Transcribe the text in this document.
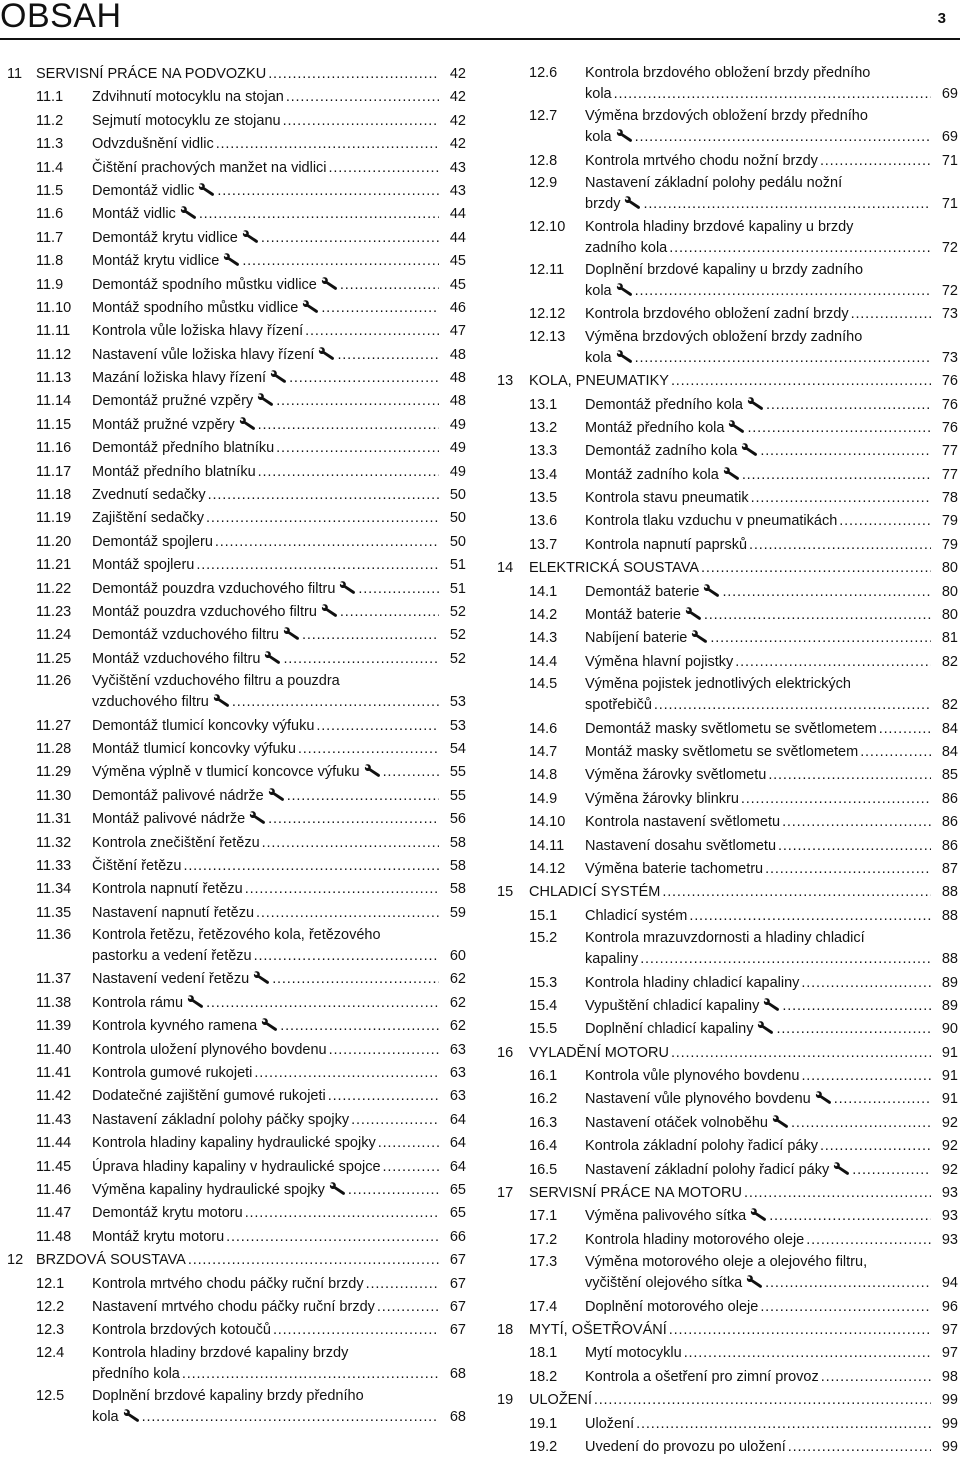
OBSAH	3
11 SERVISNÍ PRÁCE NA PODVOZKU . . .	42
11.1 Zdvihnutí motocyklu na stojan . . .	42
11.2 Sejmutí motocyklu ze stojanu . . .	42
11.3 Odvzdušnění vidlic . . .	42
11.4 Čištění prachových manžet na vidlici . . .	43
11.5 Demontáž vidlic . . .	43
11.6 Montáž vidlic . . .	44
11.7 Demontáž krytu vidlice . . .	44
11.8 Montáž krytu vidlice . . .	45
11.9 Demontáž spodního můstku vidlice . . .	45
11.10 Montáž spodního můstku vidlice . . .	46
11.11 Kontrola vůle ložiska hlavy řízení . . .	47
11.12 Nastavení vůle ložiska hlavy řízení . . .	48
11.13 Mazání ložiska hlavy řízení . . .	48
11.14 Demontáž pružné vzpěry . . .	48
11.15 Montáž pružné vzpěry . . .	49
11.16 Demontáž předního blatníku . . .	49
11.17 Montáž předního blatníku . . .	49
11.18 Zvednutí sedačky . . .	50
11.19 Zajištění sedačky . . .	50
11.20 Demontáž spojleru . . .	50
11.21 Montáž spojleru . . .	51
11.22 Demontáž pouzdra vzduchového filtru . . .	51
11.23 Montáž pouzdra vzduchového filtru . . .	52
11.24 Demontáž vzduchového filtru . . .	52
11.25 Montáž vzduchového filtru . . .	52
11.26 Vyčištění vzduchového filtru a pouzdra
vzduchového filtru . . .	53
11.27 Demontáž tlumicí koncovky výfuku . . .	53
11.28 Montáž tlumicí koncovky výfuku . . .	54
11.29 Výměna výplně v tlumicí koncovce výfuku . . .	55
11.30 Demontáž palivové nádrže . . .	55
11.31 Montáž palivové nádrže . . .	56
11.32 Kontrola znečištění řetězu . . .	58
11.33 Čištění řetězu . . .	58
11.34 Kontrola napnutí řetězu . . .	58
11.35 Nastavení napnutí řetězu . . .	59
11.36 Kontrola řetězu, řetězového kola, řetězového
pastorku a vedení řetězu . . .	60
11.37 Nastavení vedení řetězu . . .	62
11.38 Kontrola rámu . . .	62
11.39 Kontrola kyvného ramena . . .	62
11.40 Kontrola uložení plynového bovdenu . . .	63
11.41 Kontrola gumové rukojeti . . .	63
11.42 Dodatečné zajištění gumové rukojeti . . .	63
11.43 Nastavení základní polohy páčky spojky . . .	64
11.44 Kontrola hladiny kapaliny hydraulické spojky . . .	64
11.45 Úprava hladiny kapaliny v hydraulické spojce . . .	64
11.46 Výměna kapaliny hydraulické spojky . . .	65
11.47 Demontáž krytu motoru . . .	65
11.48 Montáž krytu motoru . . .	66
12 BRZDOVÁ SOUSTAVA . . .	67
12.1 Kontrola mrtvého chodu páčky ruční brzdy . . .	67
12.2 Nastavení mrtvého chodu páčky ruční brzdy . . .	67
12.3 Kontrola brzdových kotoučů . . .	67
12.4 Kontrola hladiny brzdové kapaliny brzdy
předního kola . . .	68
12.5 Doplnění brzdové kapaliny brzdy předního
kola . . .	68
12.6 Kontrola brzdového obložení brzdy předního
kola . . .	69
12.7 Výměna brzdových obložení brzdy předního
kola . . .	69
12.8 Kontrola mrtvého chodu nožní brzdy . . .	71
12.9 Nastavení základní polohy pedálu nožní
brzdy . . .	71
12.10 Kontrola hladiny brzdové kapaliny u brzdy
zadního kola . . .	72
12.11 Doplnění brzdové kapaliny u brzdy zadního
kola . . .	72
12.12 Kontrola brzdového obložení zadní brzdy . . .	73
12.13 Výměna brzdových obložení brzdy zadního
kola . . .	73
13 KOLA, PNEUMATIKY . . .	76
13.1 Demontáž předního kola . . .	76
13.2 Montáž předního kola . . .	76
13.3 Demontáž zadního kola . . .	77
13.4 Montáž zadního kola . . .	77
13.5 Kontrola stavu pneumatik . . .	78
13.6 Kontrola tlaku vzduchu v pneumatikách . . .	79
13.7 Kontrola napnutí paprsků . . .	79
14 ELEKTRICKÁ SOUSTAVA . . .	80
14.1 Demontáž baterie . . .	80
14.2 Montáž baterie . . .	80
14.3 Nabíjení baterie . . .	81
14.4 Výměna hlavní pojistky . . .	82
14.5 Výměna pojistek jednotlivých elektrických
spotřebičů . . .	82
14.6 Demontáž masky světlometu se světlometem . . .	84
14.7 Montáž masky světlometu se světlometem . . .	84
14.8 Výměna žárovky světlometu . . .	85
14.9 Výměna žárovky blinkru . . .	86
14.10 Kontrola nastavení světlometu . . .	86
14.11 Nastavení dosahu světlometu . . .	86
14.12 Výměna baterie tachometru . . .	87
15 CHLADICÍ SYSTÉM . . .	88
15.1 Chladicí systém . . .	88
15.2 Kontrola mrazuvzdornosti a hladiny chladicí
kapaliny . . .	88
15.3 Kontrola hladiny chladicí kapaliny . . .	89
15.4 Vypuštění chladicí kapaliny . . .	89
15.5 Doplnění chladicí kapaliny . . .	90
16 VYLADĚNÍ MOTORU . . .	91
16.1 Kontrola vůle plynového bovdenu . . .	91
16.2 Nastavení vůle plynového bovdenu . . .	91
16.3 Nastavení otáček volnoběhu . . .	92
16.4 Kontrola základní polohy řadicí páky . . .	92
16.5 Nastavení základní polohy řadicí páky . . .	92
17 SERVISNÍ PRÁCE NA MOTORU . . .	93
17.1 Výměna palivového sítka . . .	93
17.2 Kontrola hladiny motorového oleje . . .	93
17.3 Výměna motorového oleje a olejového filtru,
vyčištění olejového sítka . . .	94
17.4 Doplnění motorového oleje . . .	96
18 MYTÍ, OŠETŘOVÁNÍ . . .	97
18.1 Mytí motocyklu . . .	97
18.2 Kontrola a ošetření pro zimní provoz . . .	98
19 ULOŽENÍ . . .	99
19.1 Uložení . . .	99
19.2 Uvedení do provozu po uložení . . .	99
